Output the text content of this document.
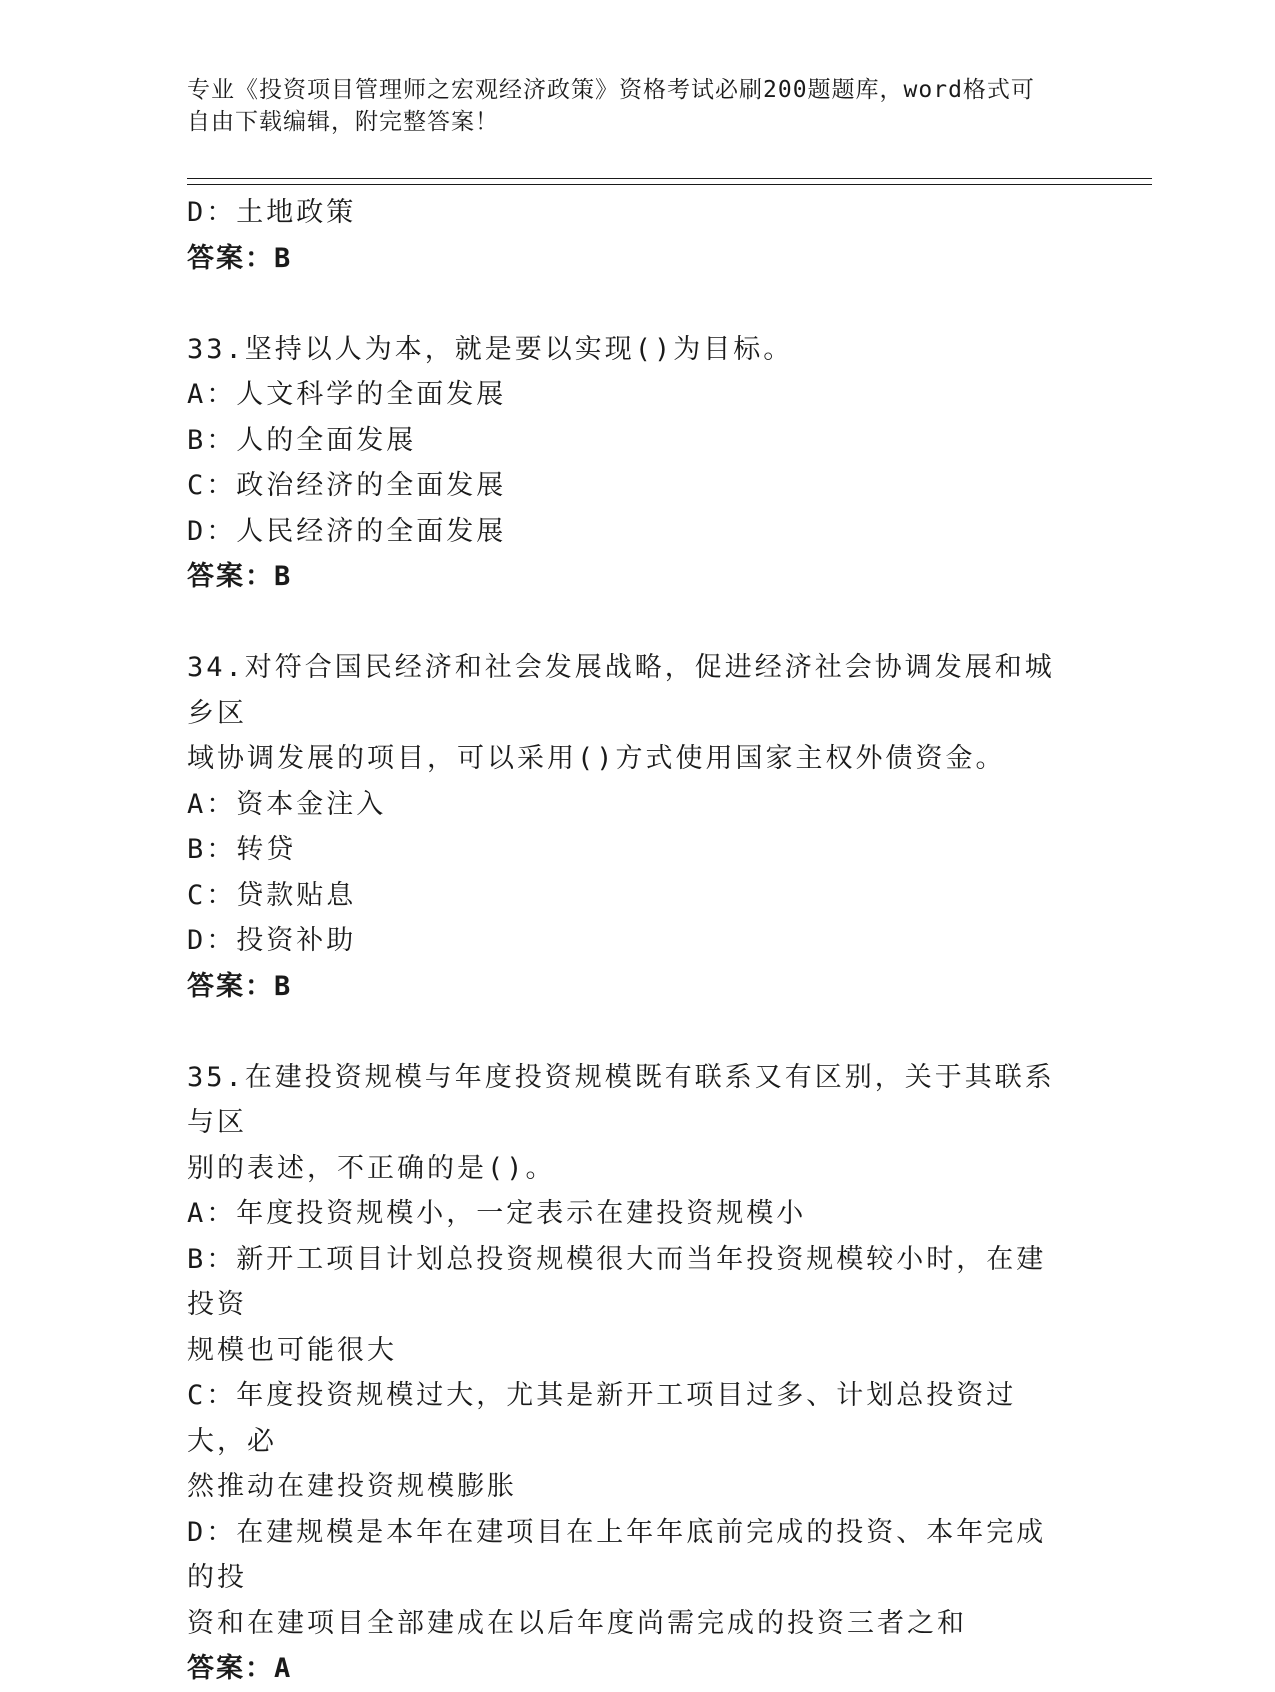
专业《投资项目管理师之宏观经济政策》资格考试必刷200题题库，word格式可
自由下载编辑，附完整答案！
D：土地政策
答案：B
33.坚持以人为本，就是要以实现()为目标。
A：人文科学的全面发展
B：人的全面发展
C：政治经济的全面发展
D：人民经济的全面发展
答案：B
34.对符合国民经济和社会发展战略，促进经济社会协调发展和城乡区
域协调发展的项目，可以采用()方式使用国家主权外债资金。
A：资本金注入
B：转贷
C：贷款贴息
D：投资补助
答案：B
35.在建投资规模与年度投资规模既有联系又有区别，关于其联系与区
别的表述，不正确的是()。
A：年度投资规模小，一定表示在建投资规模小
B：新开工项目计划总投资规模很大而当年投资规模较小时，在建投资
规模也可能很大
C：年度投资规模过大，尤其是新开工项目过多、计划总投资过大，必
然推动在建投资规模膨胀
D：在建规模是本年在建项目在上年年底前完成的投资、本年完成的投
资和在建项目全部建成在以后年度尚需完成的投资三者之和
答案：A
